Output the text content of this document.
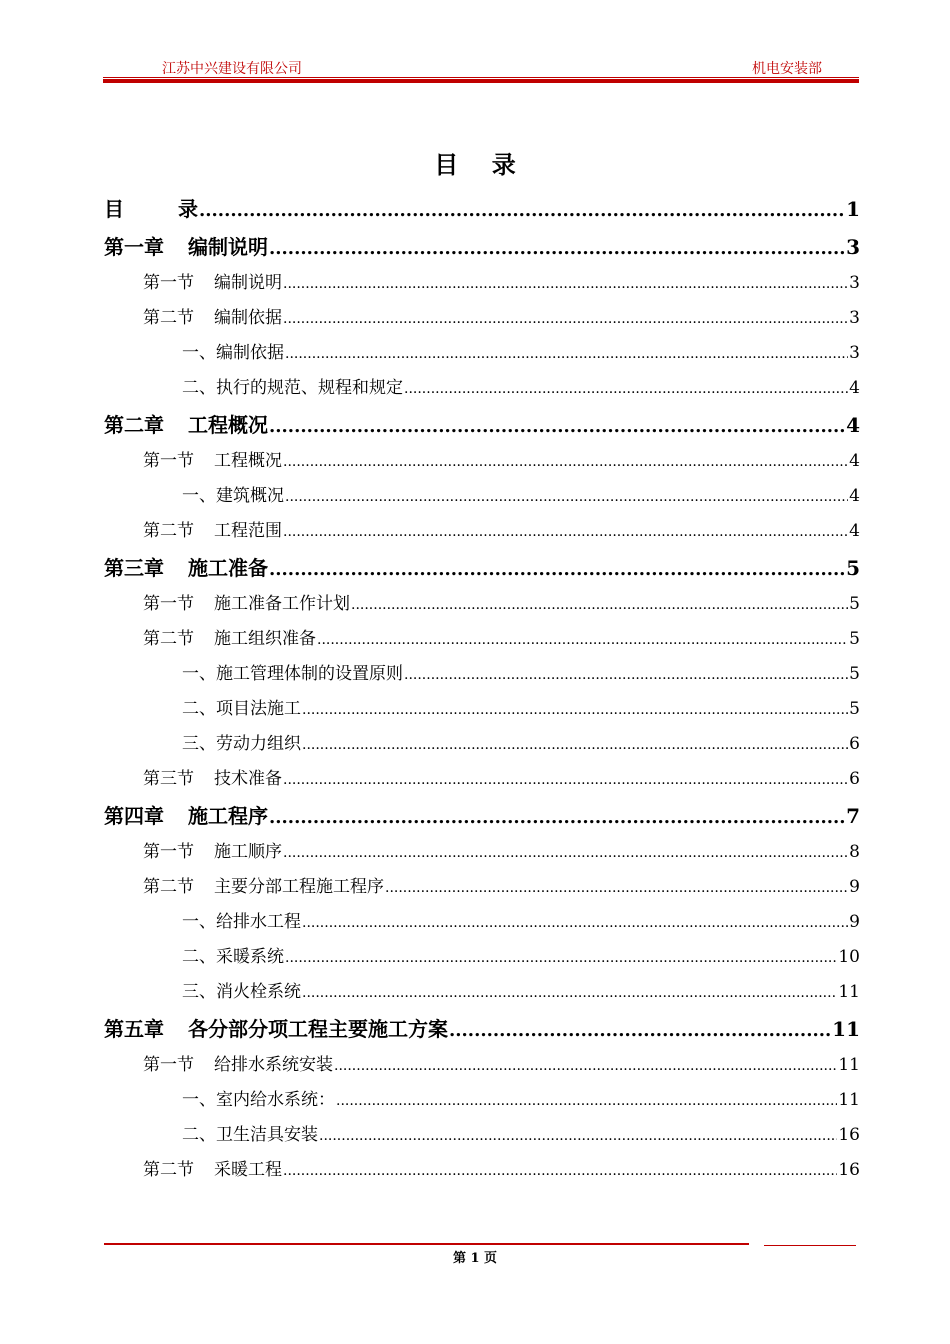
江苏中兴建设有限公司	机电安装部
目    录
目	录 .....	1
第一章 编制说明 .....	3
第一节 编制说明 .....	3
第二节 编制依据 .....	3
一、编制依据 .....	3
二、执行的规范、规程和规定 .....	4
第二章 工程概况 .....	4
第一节 工程概况 .....	4
一、建筑概况 .....	4
第二节 工程范围 .....	4
第三章 施工准备 .....	5
第一节 施工准备工作计划 .....	5
第二节 施工组织准备 .....	5
一、施工管理体制的设置原则 .....	5
二、项目法施工 .....	5
三、劳动力组织 .....	6
第三节 技术准备 .....	6
第四章 施工程序 .....	7
第一节 施工顺序 .....	8
第二节 主要分部工程施工程序 .....	9
一、给排水工程 .....	9
二、采暖系统 .....	10
三、消火栓系统 .....	11
第五章 各分部分项工程主要施工方案 .....	11
第一节 给排水系统安装 .....	11
一、室内给水系统： .....	11
二、卫生洁具安装 .....	16
第二节 采暖工程 .....	16
第 1 页
